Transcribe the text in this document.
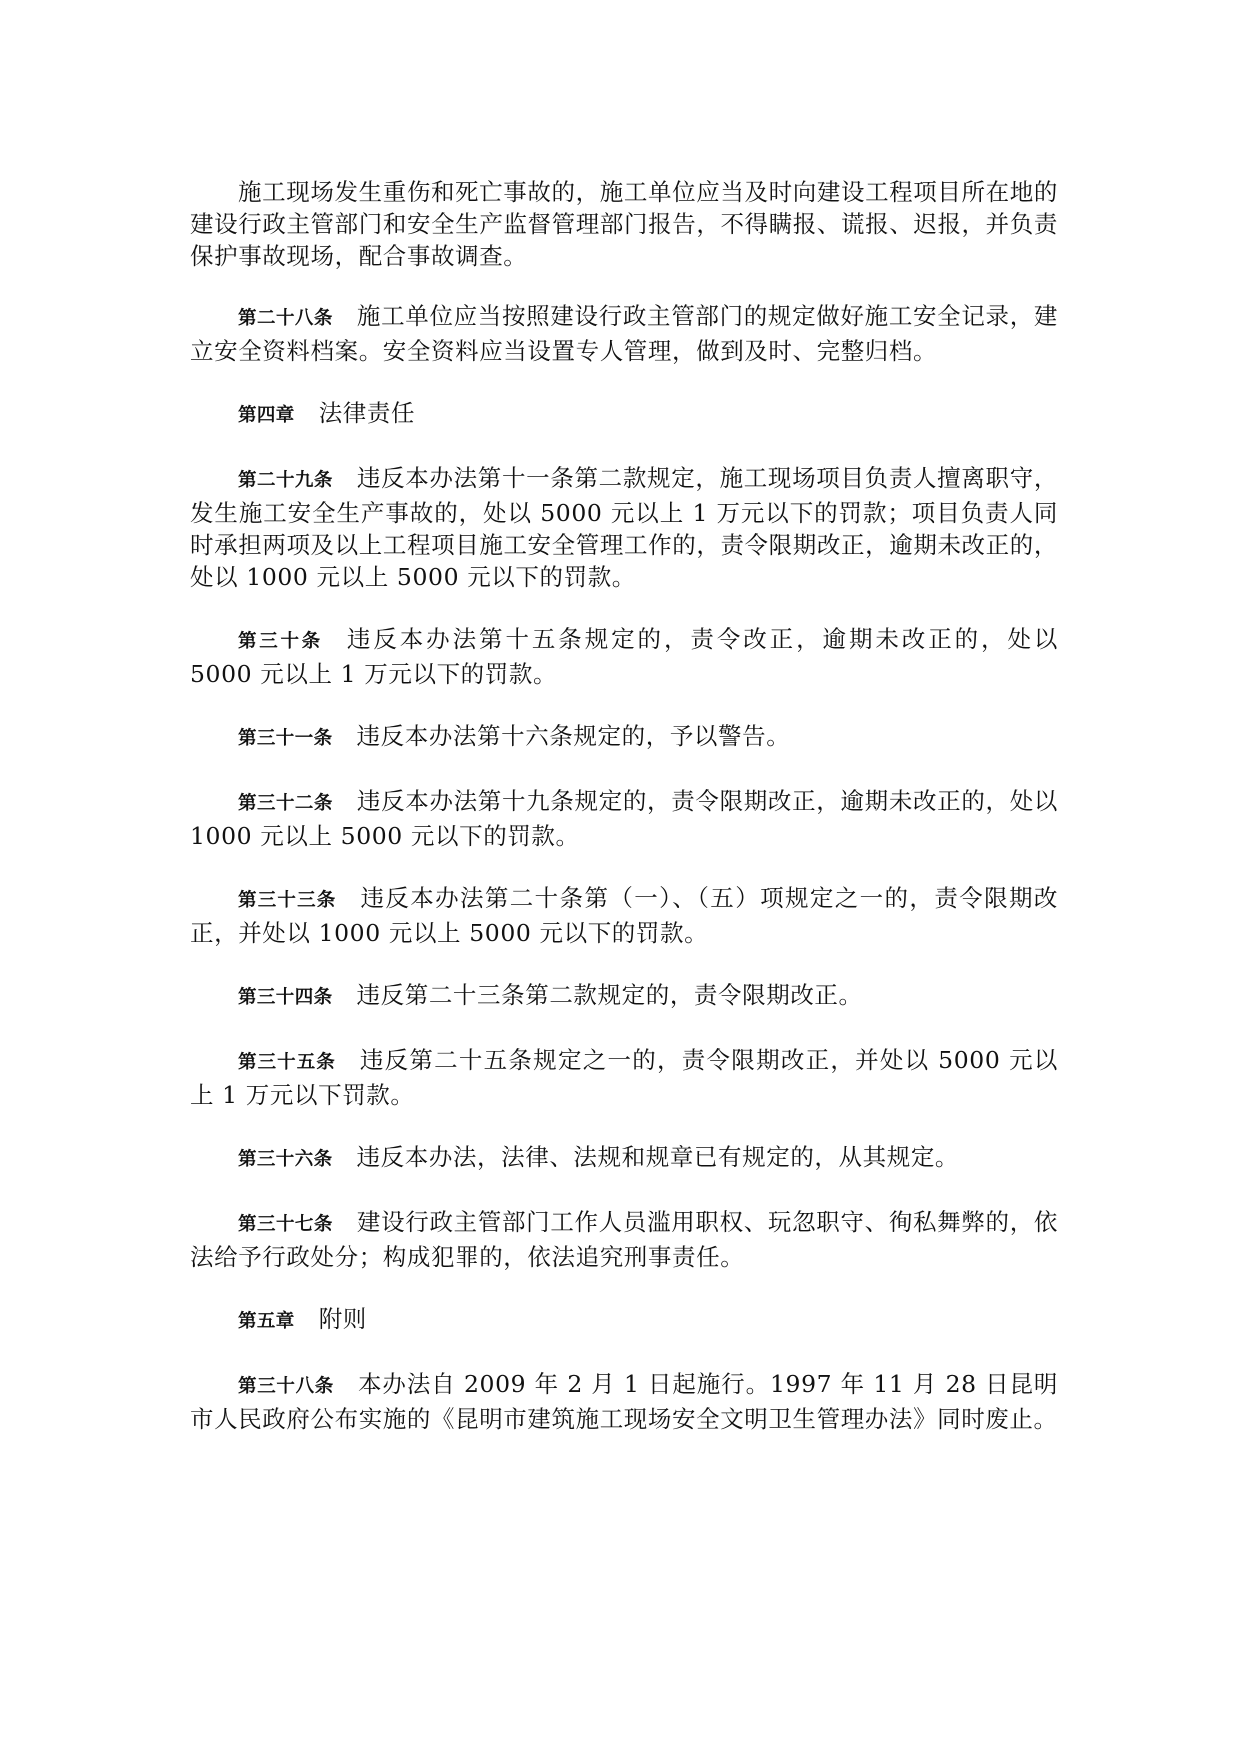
施工现场发生重伤和死亡事故的，施工单位应当及时向建设工程项目所在地的建设行政主管部门和安全生产监督管理部门报告，不得瞒报、谎报、迟报，并负责保护事故现场，配合事故调查。

第二十八条 施工单位应当按照建设行政主管部门的规定做好施工安全记录，建立安全资料档案。安全资料应当设置专人管理，做到及时、完整归档。

第四章 法律责任

第二十九条 违反本办法第十一条第二款规定，施工现场项目负责人擅离职守，发生施工安全生产事故的，处以 5000 元以上 1 万元以下的罚款；项目负责人同时承担两项及以上工程项目施工安全管理工作的，责令限期改正，逾期未改正的，处以 1000 元以上 5000 元以下的罚款。

第三十条 违反本办法第十五条规定的，责令改正，逾期未改正的，处以 5000 元以上 1 万元以下的罚款。

第三十一条 违反本办法第十六条规定的，予以警告。

第三十二条 违反本办法第十九条规定的，责令限期改正，逾期未改正的，处以 1000 元以上 5000 元以下的罚款。

第三十三条 违反本办法第二十条第（一）、（五）项规定之一的，责令限期改正，并处以 1000 元以上 5000 元以下的罚款。

第三十四条 违反第二十三条第二款规定的，责令限期改正。

第三十五条 违反第二十五条规定之一的，责令限期改正，并处以 5000 元以上 1 万元以下罚款。

第三十六条 违反本办法，法律、法规和规章已有规定的，从其规定。

第三十七条 建设行政主管部门工作人员滥用职权、玩忽职守、徇私舞弊的，依法给予行政处分；构成犯罪的，依法追究刑事责任。

第五章 附则

第三十八条 本办法自 2009 年 2 月 1 日起施行。1997 年 11 月 28 日昆明市人民政府公布实施的《昆明市建筑施工现场安全文明卫生管理办法》同时废止。
